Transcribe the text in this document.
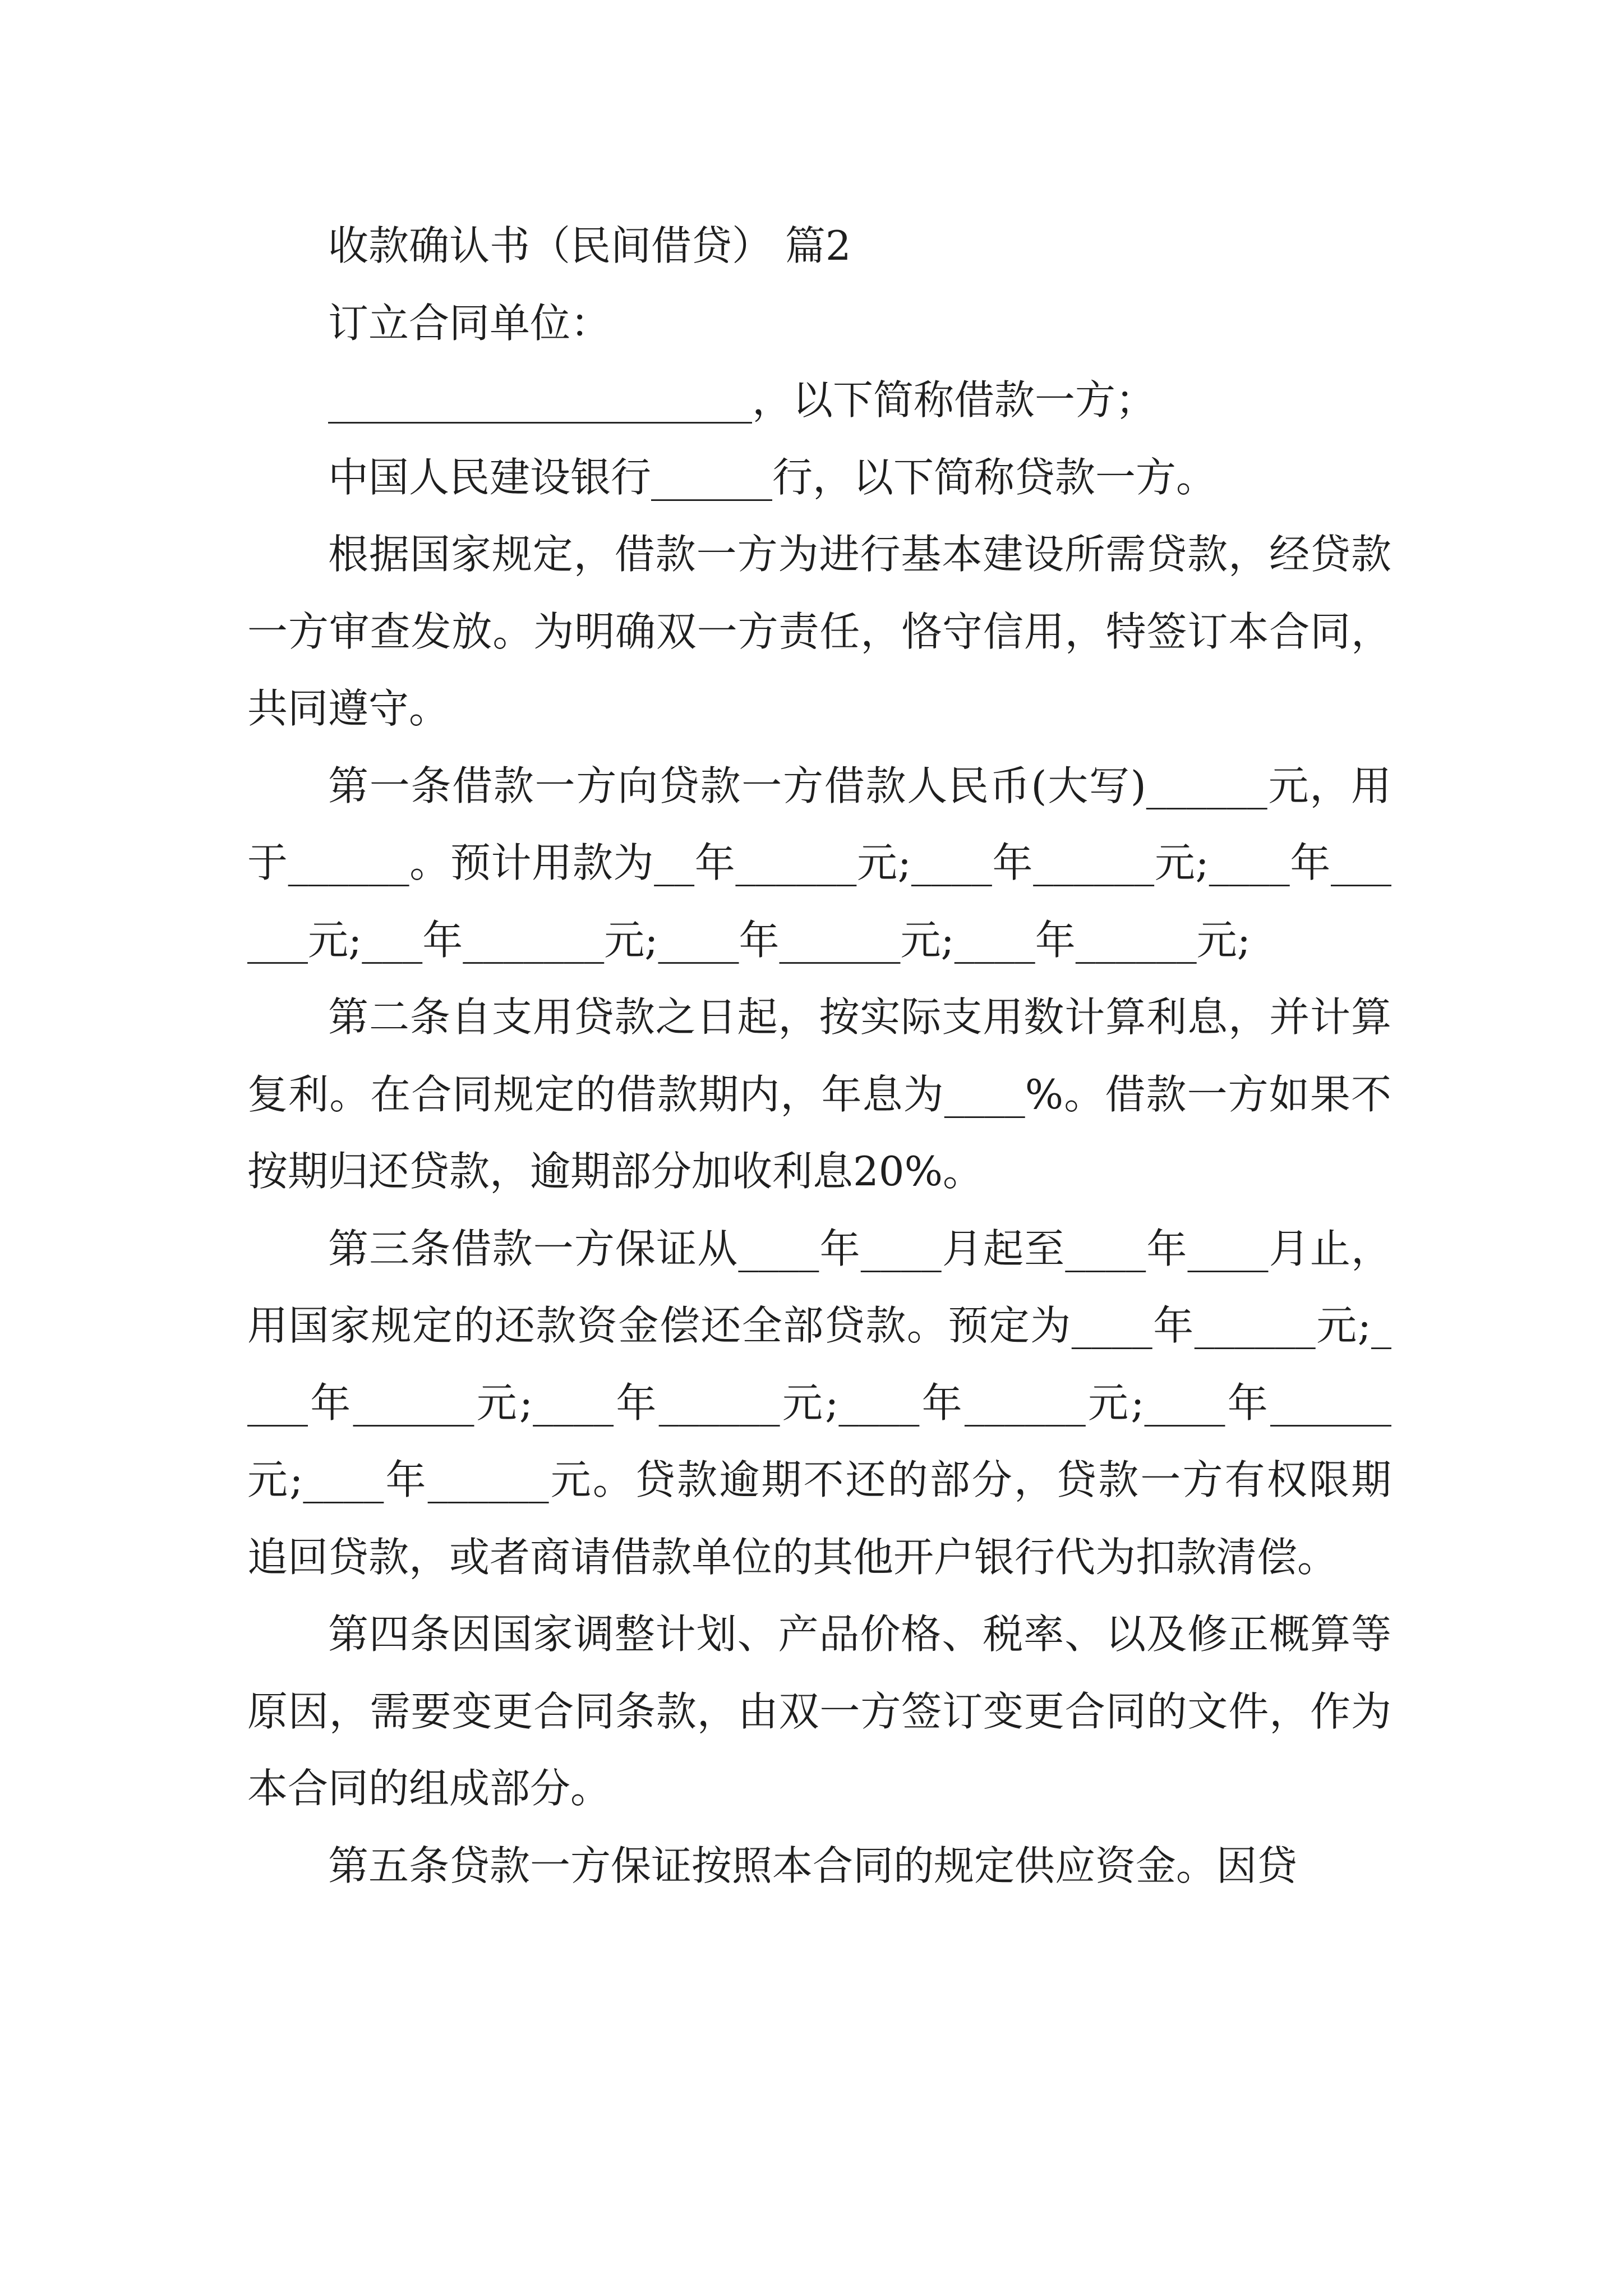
收款确认书（民间借贷） 篇2

订立合同单位：

_____________________，以下简称借款一方；

中国人民建设银行______行，以下简称贷款一方。

根据国家规定，借款一方为进行基本建设所需贷款，经贷款一方审查发放。为明确双一方责任，恪守信用，特签订本合同，共同遵守。

第一条借款一方向贷款一方借款人民币(大写)______元，用于______。预计用款为__年______元;____年______元;____年______元;___年_______元;____年______元;____年______元;

第二条自支用贷款之日起，按实际支用数计算利息，并计算复利。在合同规定的借款期内，年息为____%。借款一方如果不按期归还贷款，逾期部分加收利息20%。

第三条借款一方保证从____年____月起至____年____月止，用国家规定的还款资金偿还全部贷款。预定为____年______元;____年______元;____年______元;____年______元;____年______元;____年______元。贷款逾期不还的部分，贷款一方有权限期追回贷款，或者商请借款单位的其他开户银行代为扣款清偿。

第四条因国家调整计划、产品价格、税率、以及修正概算等原因，需要变更合同条款，由双一方签订变更合同的文件，作为本合同的组成部分。

第五条贷款一方保证按照本合同的规定供应资金。因贷
